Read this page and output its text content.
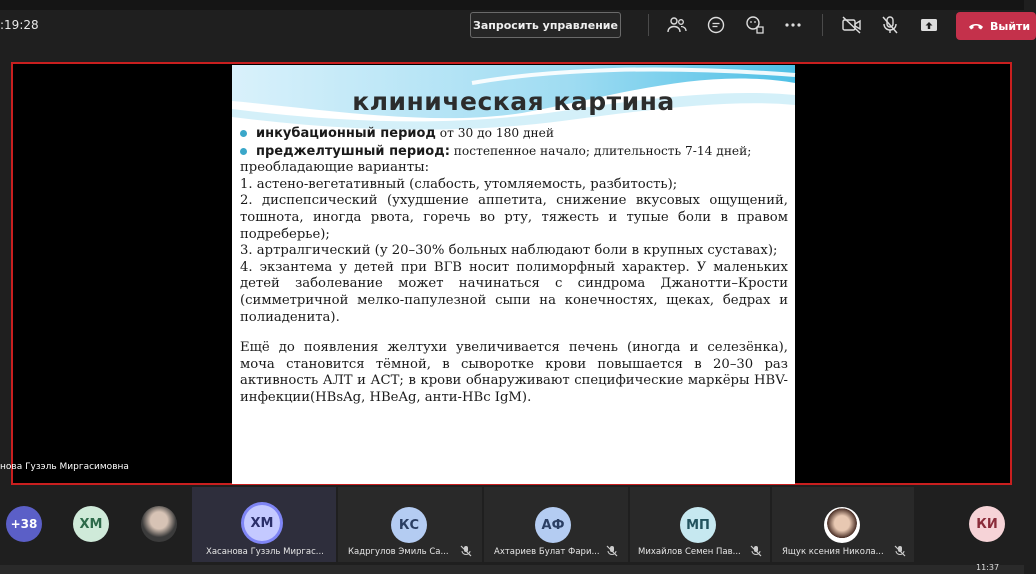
:19:28	Запросить управление	Выйти
клиническая картина
инкубационный период от 30 до 180 дней
преджелтушный период: постепенное начало; длительность 7-14 дней;
преобладающие варианты:
1. астено-вегетативный (слабость, утомляемость, разбитость);
2. диспепсический (ухудшение аппетита, снижение вкусовых ощущений, тошнота, иногда рвота, горечь во рту, тяжесть и тупые боли в правом подреберье);
3. артралгический (у 20–30% больных наблюдают боли в крупных суставах);
4. экзантема у детей при ВГВ носит полиморфный характер. У маленьких детей заболевание может начинаться с синдрома Джанотти–Крости (симметричной мелко-папулезной сыпи на конечностях, щеках, бедрах и полиаденита).
Ещё до появления желтухи увеличивается печень (иногда и селезёнка), моча становится тёмной, в сыворотке крови повышается в 20–30 раз активность АЛТ и АСТ; в крови обнаруживают специфические маркёры HBV-инфекции(HBsAg, HBeAg, анти-HBc IgM).
нова Гузэль Миргасимовна
+38	ХМ	ХМ
Хасанова Гузэль Миргас...
КС
Кадргулов Эмиль Са...
АФ
Ахтариев Булат Фари...
МП
Михайлов Семен Пав...	Ящук ксения Никола...
КИ
11:37
